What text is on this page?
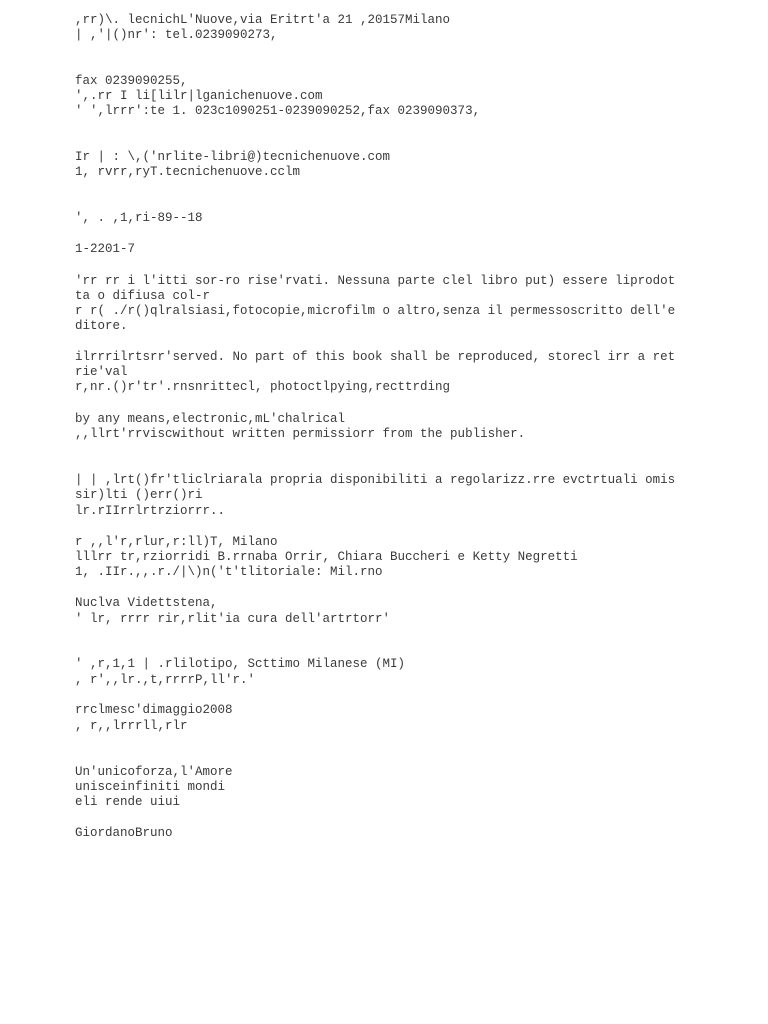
,rr)\. lecnichL'Nuove,via Eritrt'a 21 ,20157Milano

| ,'|()nr': tel.0239090273,

fax 0239090255,

',.rr I li[lilr|lganichenuove.com

' ',lrrr':te 1. 023c1090251-0239090252,fax 0239090373,

Ir | : \,('nrlite-libri@)tecnichenuove.com

1, rvrr,ryT.tecnichenuove.cclm

', . ,1,ri-89--18

1-2201-7

'rr rr i l'itti sor-ro rise'rvati. Nessuna parte clel libro put) essere liprodot

ta o difiusa col-r

r r( ./r()qlralsiasi,fotocopie,microfilm o altro,senza il permessoscritto dell'e

ditore.

ilrrrilrtsrr'served. No part of this book shall be reproduced, storecl irr a ret

rie'val

r,nr.()r'tr'.rnsnrittecl, photoctlpying,recttrding

by any means,electronic,mL'chalrical

,,llrt'rrviscwithout written permissiorr from the publisher.

| | ,lrt()fr'tliclriarala propria disponibiliti a regolarizz.rre evctrtuali omis

sir)lti ()err()ri

lr.rIIrrlrtrziorrr..

r ,,l'r,rlur,r:ll)T, Milano

lllrr tr,rziorridi B.rrnaba Orrir, Chiara Buccheri e Ketty Negretti

1, .IIr.,,.r./|\)n('t'tlitoriale: Mil.rno

Nuclva Videttstena,

' lr, rrrr rir,rlit'ia cura dell'artrtorr'

' ,r,1,1 | .rlilotipo, Scttimo Milanese (MI)

, r',,lr.,t,rrrrP,ll'r.'

rrclmesc'dimaggio2008

, r,,lrrrll,rlr

Un'unicoforza,l'Amore

unisceinfiniti mondi

eli rende uiui

GiordanoBruno
